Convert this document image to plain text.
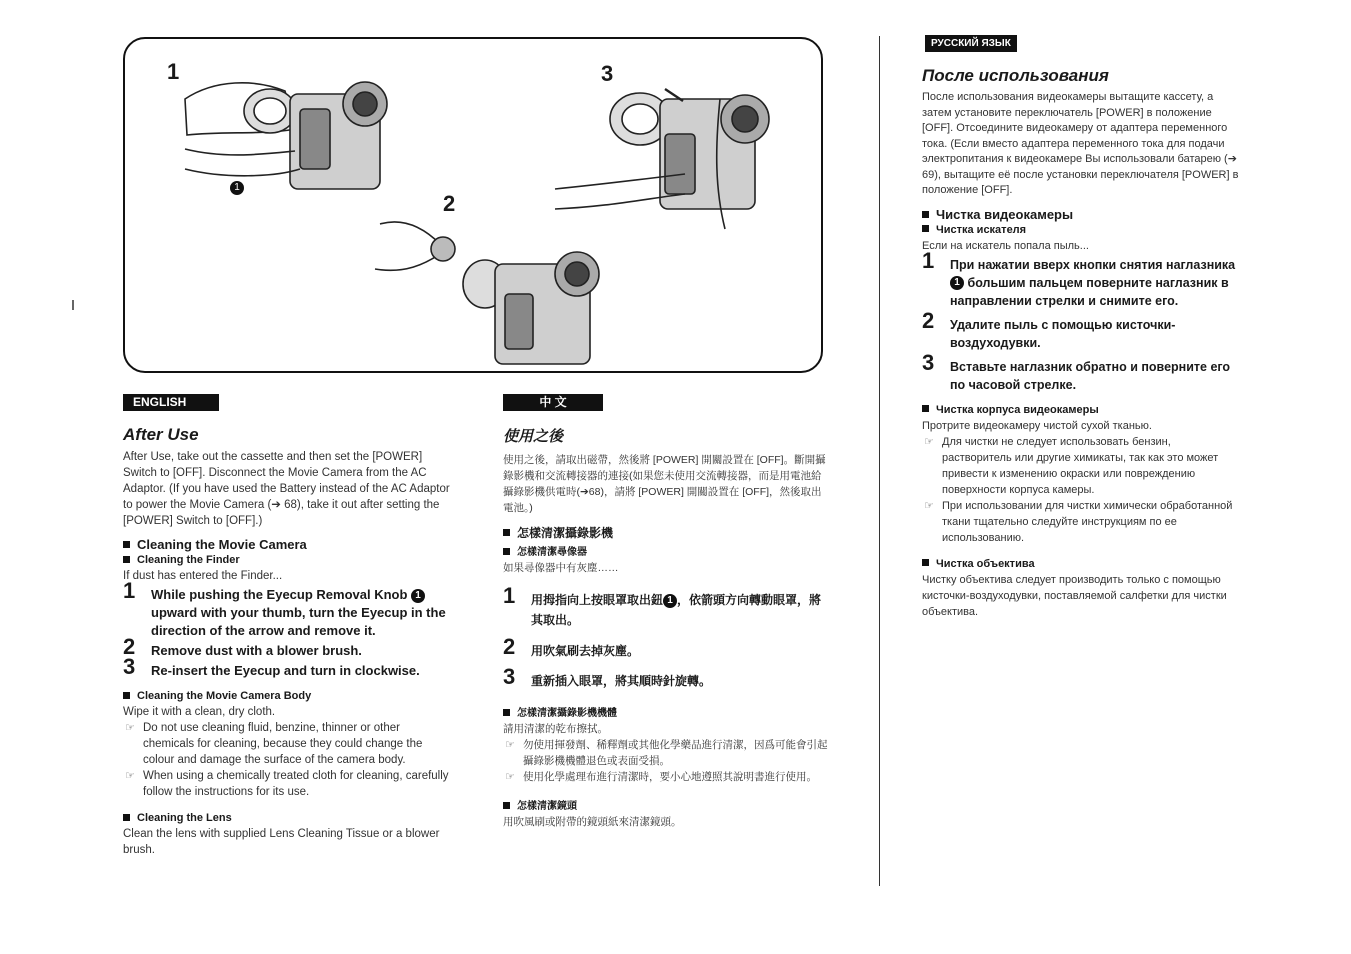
1
2
3
1
ENGLISH
After Use

After Use, take out the cassette and then set the [POWER] Switch to [OFF]. Disconnect the Movie Camera from the AC Adaptor. (If you have used the Battery instead of the AC Adaptor to power the Movie Camera (➔ 68), take it out after setting the [POWER] Switch to [OFF].)

Cleaning the Movie Camera
Cleaning the Finder

If dust has entered the Finder...

1 While pushing the Eyecup Removal Knob 1 upward with your thumb, turn the Eyecup in the direction of the arrow and remove it.
2 Remove dust with a blower brush.
3 Re-insert the Eyecup and turn in clockwise.
Cleaning the Movie Camera Body

Wipe it with a clean, dry cloth.

☞ Do not use cleaning fluid, benzine, thinner or other chemicals for cleaning, because they could change the colour and damage the surface of the camera body.
☞ When using a chemically treated cloth for cleaning, carefully follow the instructions for its use.
Cleaning the Lens

Clean the lens with supplied Lens Cleaning Tissue or a blower brush.

中 文
使用之後

使用之後，請取出磁帶，然後將 [POWER] 開關設置在 [OFF]。斷開攝錄影機和交流轉接器的連接(如果您未使用交流轉接器，而是用電池給攝錄影機供電時(➔68)，請將 [POWER] 開關設置在 [OFF]，然後取出電池。)

怎樣清潔攝錄影機
怎樣清潔尋像器

如果尋像器中有灰塵……

1 用拇指向上按眼罩取出鈕 1 ，依箭頭方向轉動眼罩，將其取出。
2 用吹氣刷去掉灰塵。
3 重新插入眼罩，將其順時針旋轉。
怎樣清潔攝錄影機機體

請用清潔的乾布擦拭。

☞ 勿使用揮發劑、稀釋劑或其他化學藥品進行清潔，因爲可能會引起攝錄影機機體退色或表面受損。
☞ 使用化學處理布進行清潔時，要小心地遵照其說明書進行使用。
怎樣清潔鏡頭

用吹風刷或附帶的鏡頭紙來清潔鏡頭。

РУССКИЙ ЯЗЫК
После использования

После использования видеокамеры вытащите кассету, а затем установите переключатель [POWER] в положение [OFF]. Отсоедините видеокамеру от адаптера переменного тока. (Если вместо адаптера переменного тока для подачи электропитания к видеокамере Вы использовали батарею (➔ 69), вытащите её после установки переключателя [POWER] в положение [OFF].

Чистка видеокамеры
Чистка искателя

Если на искатель попала пыль...

1 При нажатии вверх кнопки снятия наглазника 1 большим пальцем поверните наглазник в направлении стрелки и снимите его.
2 Удалите пыль с помощью кисточки-воздуходувки.
3 Вставьте наглазник обратно и поверните его по часовой стрелке.
Чистка корпуса видеокамеры

Протрите видеокамеру чистой сухой тканью.

☞ Для чистки не следует использовать бензин, растворитель или другие химикаты, так как это может привести к изменению окраски или повреждению поверхности корпуса камеры.
☞ При использовании для чистки химически обработанной ткани тщательно следуйте инструкциям по ее использованию.
Чистка объектива

Чистку объектива следует производить только с помощью кисточки-воздуходувки, поставляемой салфетки для чистки объектива.
